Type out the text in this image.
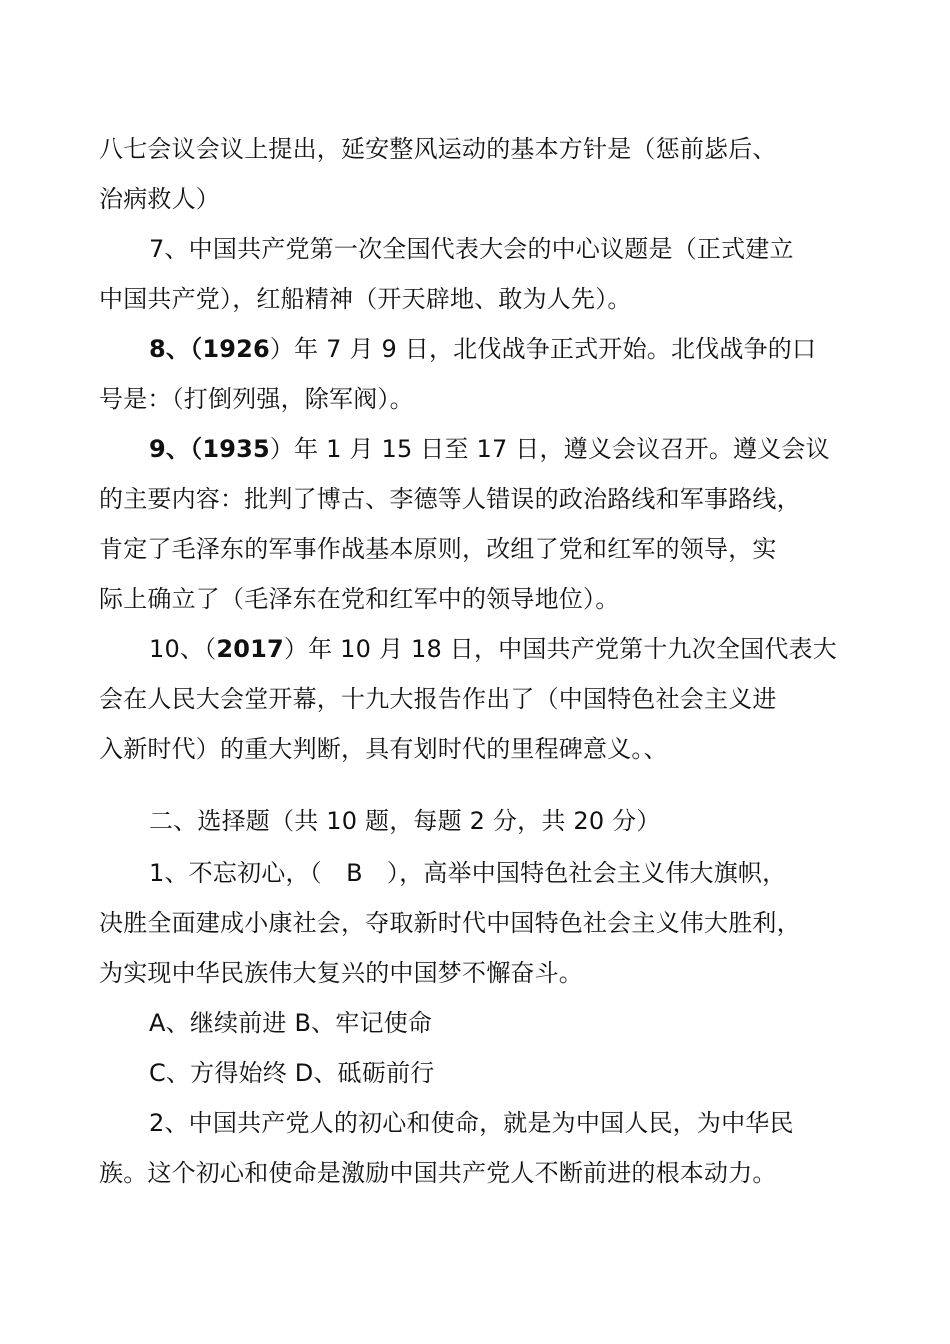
八七会议会议上提出，延安整风运动的基本方针是（惩前毖后、
治病救人）
7、中国共产党第一次全国代表大会的中心议题是（正式建立
中国共产党），红船精神（开天辟地、敢为人先）。
8、（1926）年 7 月 9 日，北伐战争正式开始。北伐战争的口
号是：（打倒列强，除军阀）。
9、（1935）年 1 月 15 日至 17 日，遵义会议召开。遵义会议
的主要内容：批判了博古、李德等人错误的政治路线和军事路线，
肯定了毛泽东的军事作战基本原则，改组了党和红军的领导，实
际上确立了（毛泽东在党和红军中的领导地位）。
10、（2017）年 10 月 18 日，中国共产党第十九次全国代表大
会在人民大会堂开幕，十九大报告作出了（中国特色社会主义进
入新时代）的重大判断，具有划时代的里程碑意义。、
二、选择题（共 10 题，每题 2 分，共 20 分）
1、不忘初心，（　B　），高举中国特色社会主义伟大旗帜，
决胜全面建成小康社会，夺取新时代中国特色社会主义伟大胜利，
为实现中华民族伟大复兴的中国梦不懈奋斗。
A、继续前进 B、牢记使命
C、方得始终 D、砥砺前行
2、中国共产党人的初心和使命，就是为中国人民，为中华民
族。这个初心和使命是激励中国共产党人不断前进的根本动力。
